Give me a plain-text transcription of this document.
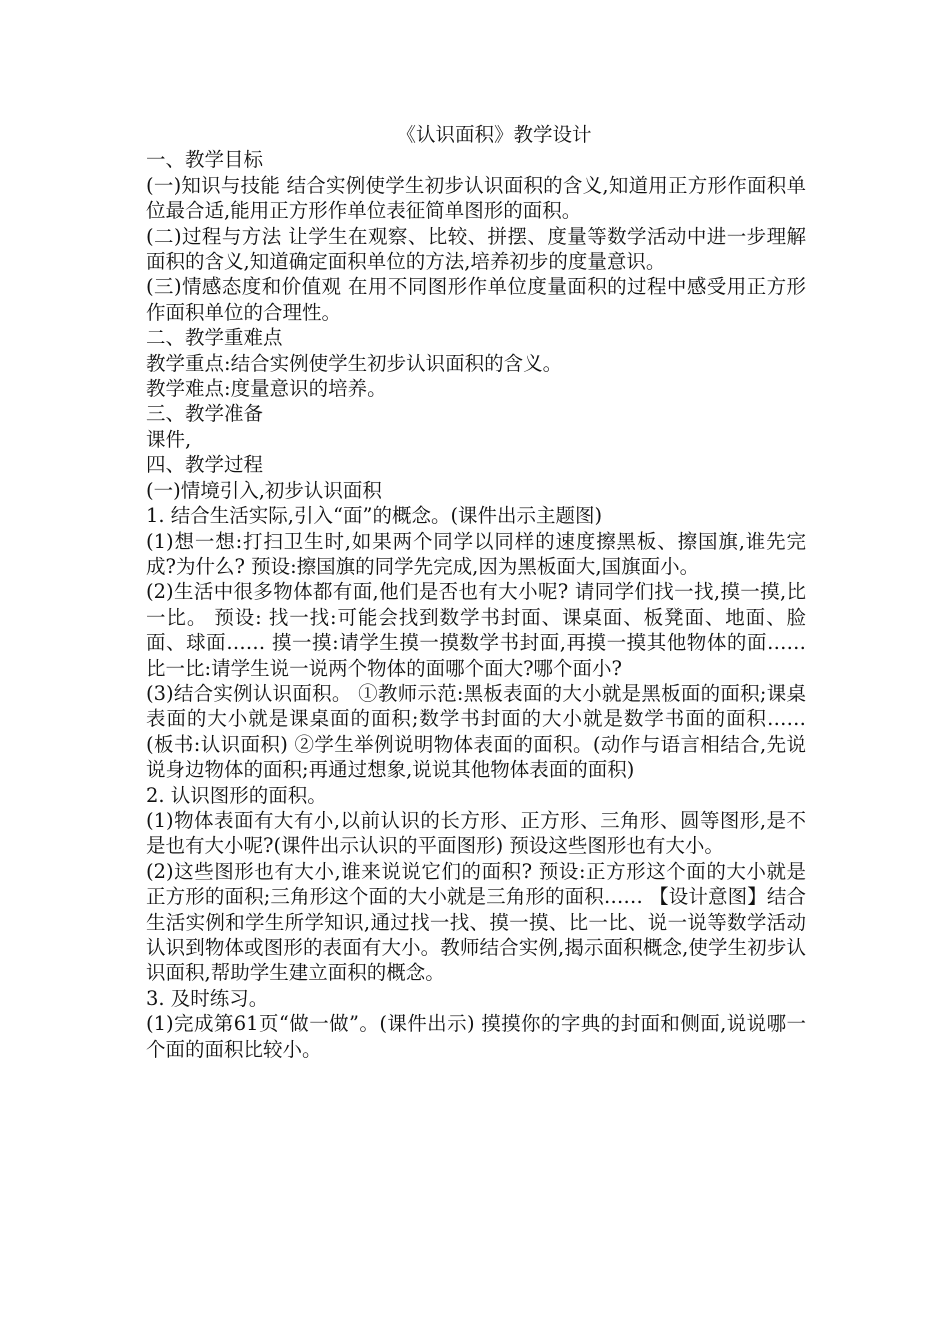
《认识面积》教学设计

一、教学目标

(一)知识与技能 结合实例使学生初步认识面积的含义,知道用正方形作面积单位最合适,能用正方形作单位表征简单图形的面积。

(二)过程与方法 让学生在观察、比较、拼摆、度量等数学活动中进一步理解面积的含义,知道确定面积单位的方法,培养初步的度量意识。

(三)情感态度和价值观 在用不同图形作单位度量面积的过程中感受用正方形作面积单位的合理性。

二、教学重难点

教学重点:结合实例使学生初步认识面积的含义。

教学难点:度量意识的培养。

三、教学准备

课件,

四、教学过程

(一)情境引入,初步认识面积

1. 结合生活实际,引入“面”的概念。(课件出示主题图)

(1)想一想:打扫卫生时,如果两个同学以同样的速度擦黑板、擦国旗,谁先完成?为什么? 预设:擦国旗的同学先完成,因为黑板面大,国旗面小。

(2)生活中很多物体都有面,他们是否也有大小呢? 请同学们找一找,摸一摸,比一比。 预设: 找一找:可能会找到数学书封面、课桌面、板凳面、地面、脸面、球面…… 摸一摸:请学生摸一摸数学书封面,再摸一摸其他物体的面…… 比一比:请学生说一说两个物体的面哪个面大?哪个面小?

(3)结合实例认识面积。 ①教师示范:黑板表面的大小就是黑板面的面积;课桌表面的大小就是课桌面的面积;数学书封面的大小就是数学书面的面积…… (板书:认识面积) ②学生举例说明物体表面的面积。(动作与语言相结合,先说说身边物体的面积;再通过想象,说说其他物体表面的面积)

2. 认识图形的面积。

(1)物体表面有大有小,以前认识的长方形、正方形、三角形、圆等图形,是不是也有大小呢?(课件出示认识的平面图形) 预设这些图形也有大小。

(2)这些图形也有大小,谁来说说它们的面积? 预设:正方形这个面的大小就是正方形的面积;三角形这个面的大小就是三角形的面积…… 【设计意图】结合生活实例和学生所学知识,通过找一找、摸一摸、比一比、说一说等数学活动认识到物体或图形的表面有大小。教师结合实例,揭示面积概念,使学生初步认识面积,帮助学生建立面积的概念。

3. 及时练习。

(1)完成第61页“做一做”。(课件出示) 摸摸你的字典的封面和侧面,说说哪一个面的面积比较小。
